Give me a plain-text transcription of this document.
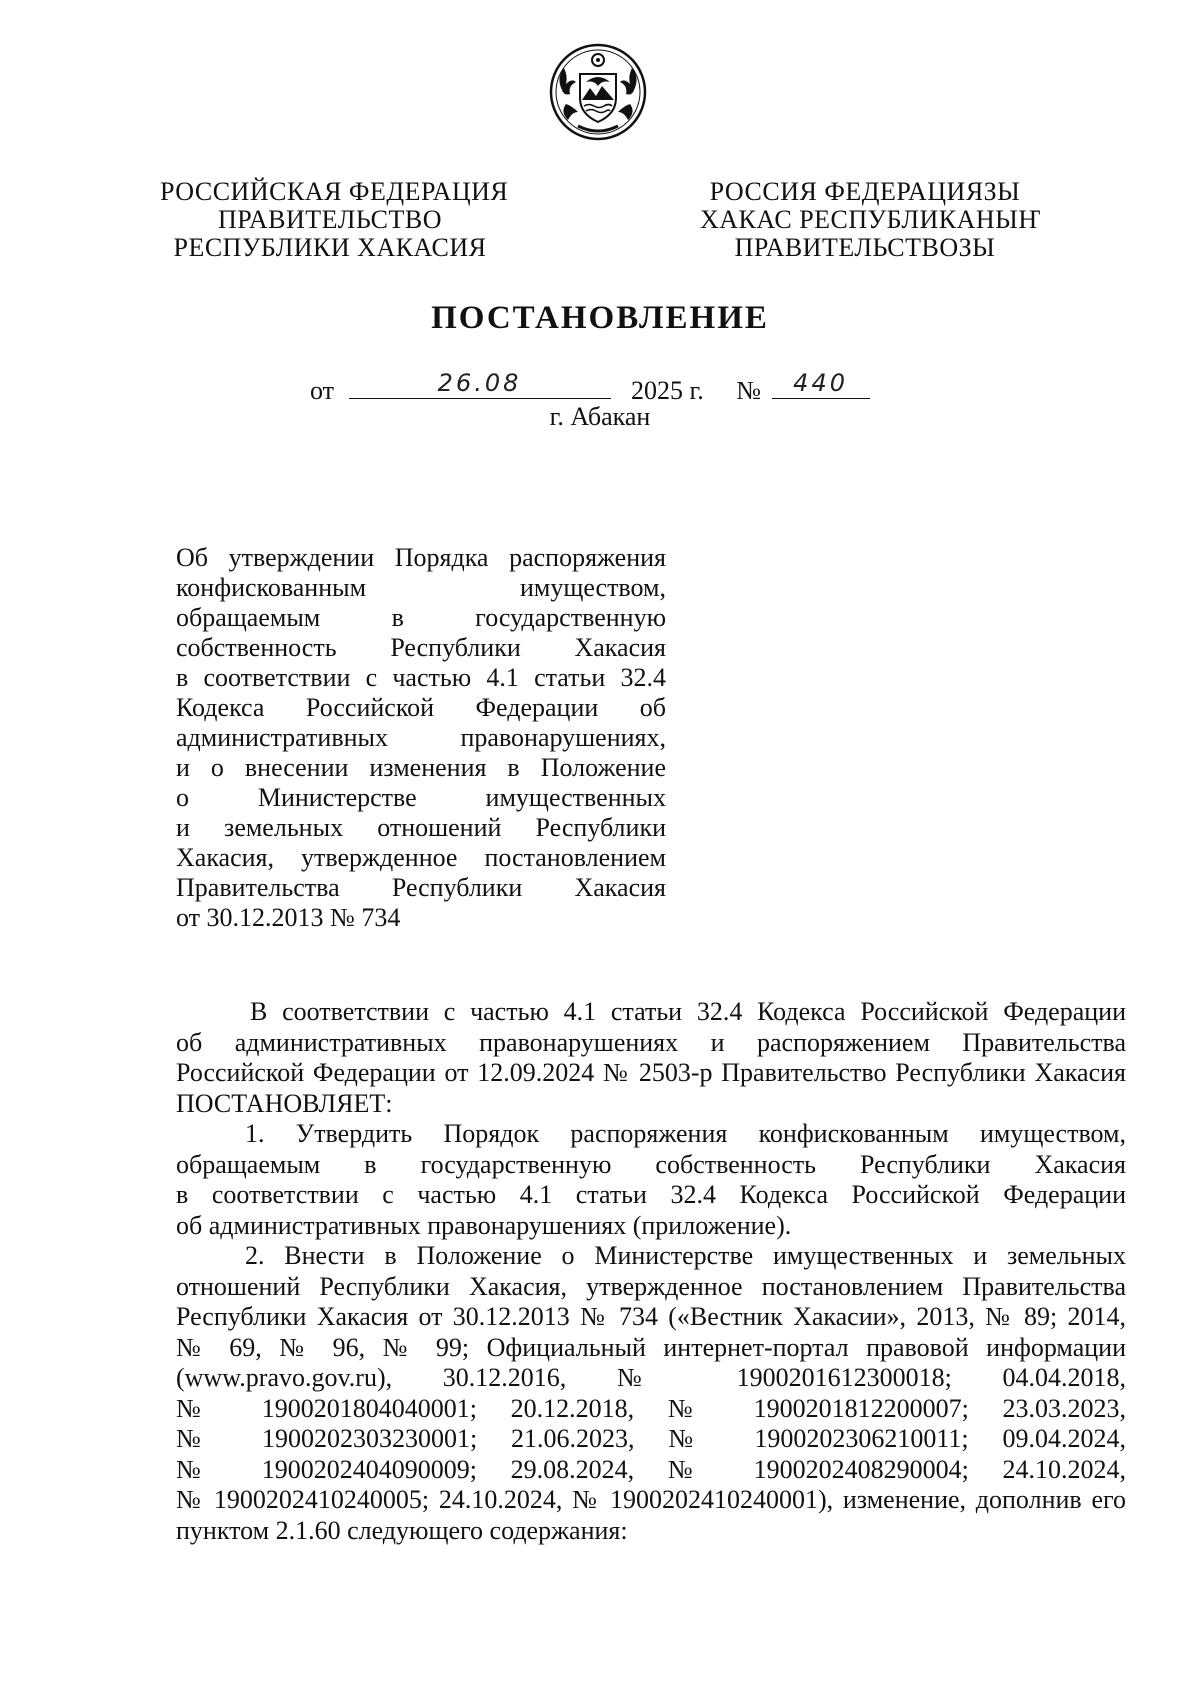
РОССИЙСКАЯ ФЕДЕРАЦИЯ
ПРАВИТЕЛЬСТВО
РЕСПУБЛИКИ ХАКАСИЯ
РОССИЯ ФЕДЕРАЦИЯЗЫ
ХАКАС РЕСПУБЛИКАНЫҤ
ПРАВИТЕЛЬСТВОЗЫ
ПОСТАНОВЛЕНИЕ
от	26.08	2025 г. №	440
г. Абакан
Об утверждении Порядка распоряжения
конфискованным имуществом,
обращаемым в государственную
собственность Республики Хакасия
в соответствии с частью 4.1 статьи 32.4
Кодекса Российской Федерации об
административных правонарушениях,
и о внесении изменения в Положение
о Министерстве имущественных
и земельных отношений Республики
Хакасия, утвержденное постановлением
Правительства Республики Хакасия
от 30.12.2013 № 734
В соответствии с частью 4.1 статьи 32.4 Кодекса Российской Федерации
об административных правонарушениях и распоряжением Правительства
Российской Федерации от 12.09.2024 № 2503-р Правительство Республики Хакасия
ПОСТАНОВЛЯЕТ:
1. Утвердить Порядок распоряжения конфискованным имуществом,
обращаемым в государственную собственность Республики Хакасия
в соответствии с частью 4.1 статьи 32.4 Кодекса Российской Федерации
об административных правонарушениях (приложение).
2. Внести в Положение о Министерстве имущественных и земельных
отношений Республики Хакасия, утвержденное постановлением Правительства
Республики Хакасия от 30.12.2013 № 734 («Вестник Хакасии», 2013, № 89; 2014,
№ 69, № 96, № 99; Официальный интернет-портал правовой информации
(www.pravo.gov.ru), 30.12.2016, № 1900201612300018; 04.04.2018,
№ 1900201804040001; 20.12.2018, № 1900201812200007; 23.03.2023,
№ 1900202303230001; 21.06.2023, № 1900202306210011; 09.04.2024,
№ 1900202404090009; 29.08.2024, № 1900202408290004; 24.10.2024,
№ 1900202410240005; 24.10.2024, № 1900202410240001), изменение, дополнив его
пунктом 2.1.60 следующего содержания:
